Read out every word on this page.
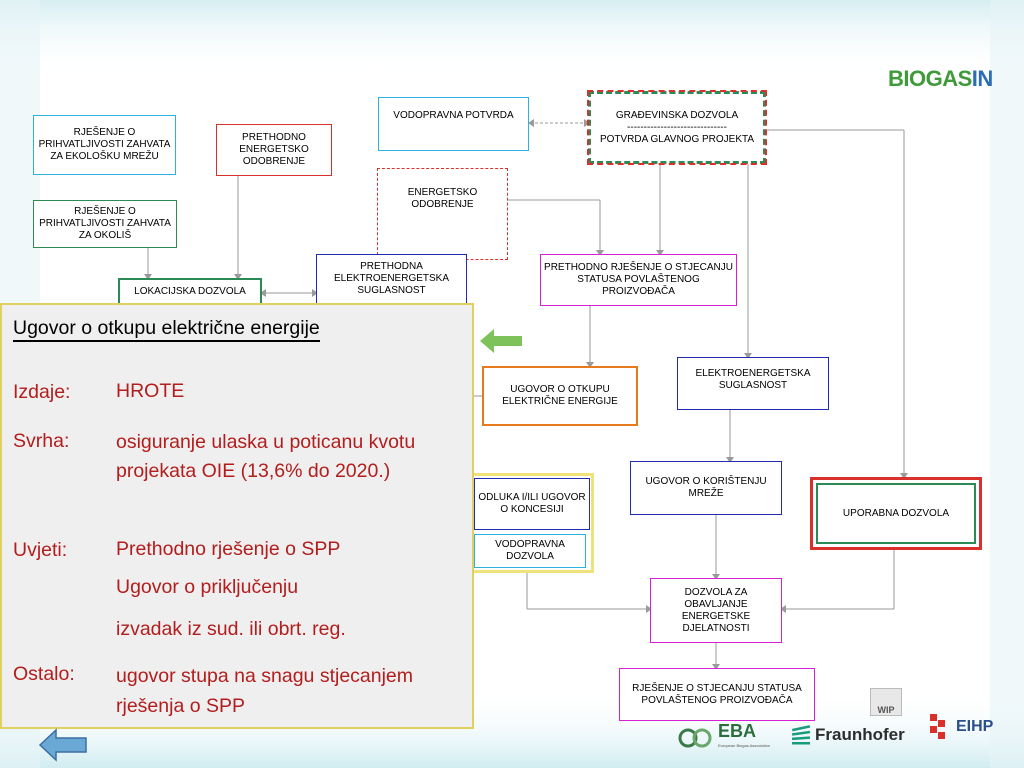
BIOGASIN
RJEŠENJE O PRIHVATLJIVOSTI ZAHVATA ZA EKOLOŠKU MREŽU
RJEŠENJE O PRIHVATLJIVOSTI ZAHVATA ZA OKOLIŠ
PRETHODNO ENERGETSKO ODOBRENJE
VODOPRAVNA POTVRDA	GRAĐEVINSKA DOZVOLA
------------------------------
POTVRDA GLAVNOG PROJEKTA
ENERGETSKO ODOBRENJE
PRETHODNO RJEŠENJE O STJECANJU STATUSA POVLAŠTENOG PROIZVOĐAČA
PRETHODNA ELEKTROENERGETSKA SUGLASNOST
LOKACIJSKA DOZVOLA
UGOVOR O OTKUPU ELEKTRIČNE ENERGIJE
ELEKTROENERGETSKA SUGLASNOST
ODLUKA I/ILI UGOVOR O KONCESIJI
VODOPRAVNA DOZVOLA
UGOVOR O KORIŠTENJU MREŽE
UPORABNA DOZVOLA
DOZVOLA ZA OBAVLJANJE ENERGETSKE DJELATNOSTI
RJEŠENJE O STJECANJU STATUSA POVLAŠTENOG PROIZVOĐAČA
Ugovor o otkupu električne energije
Izdaje: HROTE
Svrha: osiguranje ulaska u poticanu kvotu projekata OIE (13,6% do 2020.)
Uvjeti:	Prethodno rješenje o SPP
Ugovor o priključenju
izvadak iz sud. ili obrt. reg.
Ostalo: ugovor stupa na snagu stjecanjem rješenja o SPP	WIP
EBA
European Biogas Association
Fraunhofer	EIHP
